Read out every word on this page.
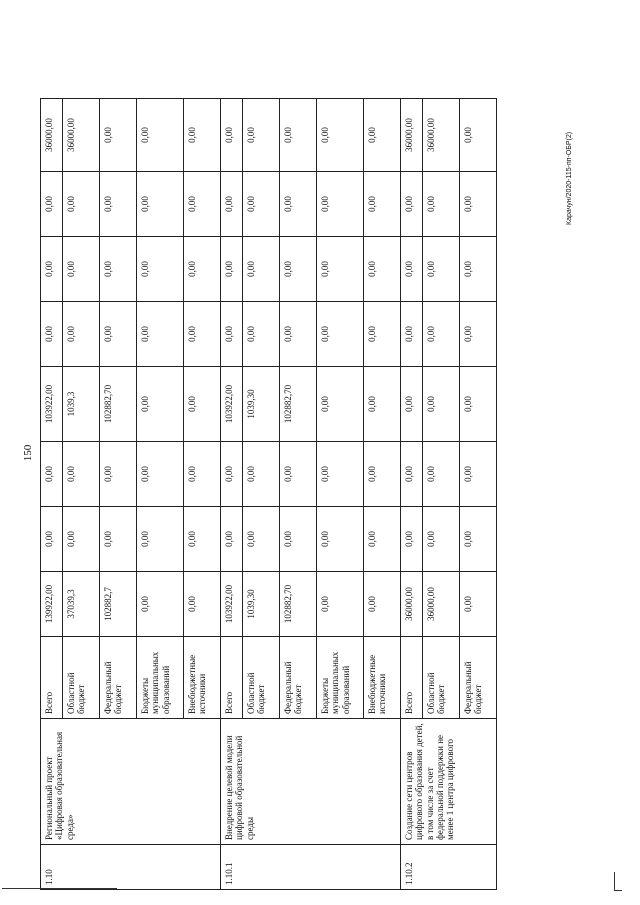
150
Карачун/2020-115-пп-ОБР(2)
1.10	Региональный проект «Цифровая образовательная среда»	Всего	139922,00	0,00	0,00	103922,00	0,00	0,00	0,00	36000,00
		Областной бюджет	37039,3	0,00	0,00	1039,3	0,00	0,00	0,00	36000,00
		Федеральный бюджет	102882,7	0,00	0,00	102882,70	0,00	0,00	0,00	0,00
		Бюджеты муниципальных образований	0,00	0,00	0,00	0,00	0,00	0,00	0,00	0,00
		Внебюджетные источники	0,00	0,00	0,00	0,00	0,00	0,00	0,00	0,00
1.10.1	Внедрение целевой модели цифровой образовательной среды	Всего	103922,00	0,00	0,00	103922,00	0,00	0,00	0,00	0,00
		Областной бюджет	1039,30	0,00	0,00	1039,30	0,00	0,00	0,00	0,00
		Федеральный бюджет	102882,70	0,00	0,00	102882,70	0,00	0,00	0,00	0,00
		Бюджеты муниципальных образований	0,00	0,00	0,00	0,00	0,00	0,00	0,00	0,00
		Внебюджетные источники	0,00	0,00	0,00	0,00	0,00	0,00	0,00	0,00
1.10.2	Создание сети центров цифрового образования детей, в том числе за счет федеральной поддержки не менее 1 центра цифрового	Всего	36000,00	0,00	0,00	0,00	0,00	0,00	0,00	36000,00
		Областной бюджет	36000,00	0,00	0,00	0,00	0,00	0,00	0,00	36000,00
		Федеральный бюджет	0,00	0,00	0,00	0,00	0,00	0,00	0,00	0,00
